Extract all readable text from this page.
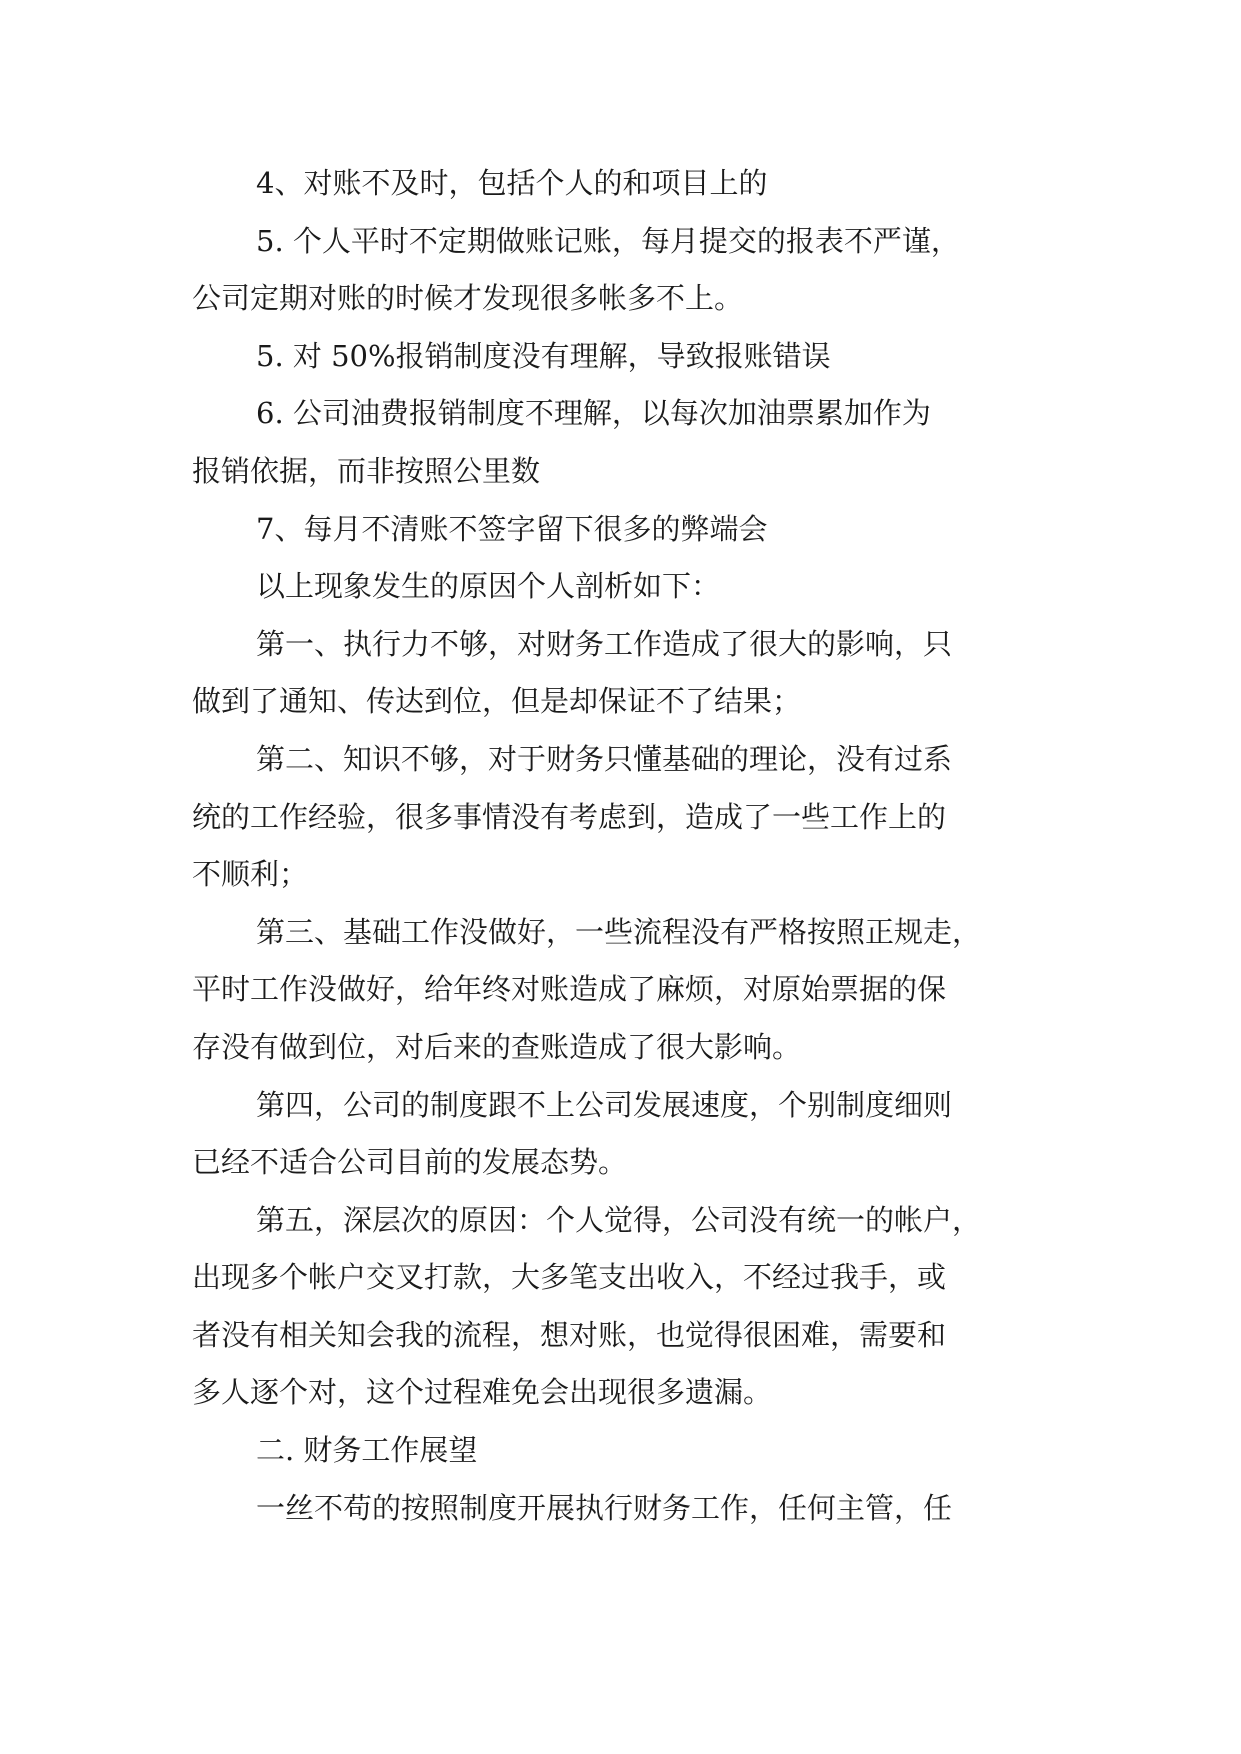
4、对账不及时，包括个人的和项目上的
5. 个人平时不定期做账记账，每月提交的报表不严谨，
公司定期对账的时候才发现很多帐多不上。
5. 对 50%报销制度没有理解，导致报账错误
6. 公司油费报销制度不理解，以每次加油票累加作为
报销依据，而非按照公里数
7、每月不清账不签字留下很多的弊端会
以上现象发生的原因个人剖析如下：
第一、执行力不够，对财务工作造成了很大的影响，只
做到了通知、传达到位，但是却保证不了结果；
第二、知识不够，对于财务只懂基础的理论，没有过系
统的工作经验，很多事情没有考虑到，造成了一些工作上的
不顺利；
第三、基础工作没做好，一些流程没有严格按照正规走，
平时工作没做好，给年终对账造成了麻烦，对原始票据的保
存没有做到位，对后来的查账造成了很大影响。
第四，公司的制度跟不上公司发展速度，个别制度细则
已经不适合公司目前的发展态势。
第五，深层次的原因：个人觉得，公司没有统一的帐户，
出现多个帐户交叉打款，大多笔支出收入，不经过我手，或
者没有相关知会我的流程，想对账，也觉得很困难，需要和
多人逐个对，这个过程难免会出现很多遗漏。
二. 财务工作展望
一丝不苟的按照制度开展执行财务工作，任何主管，任
